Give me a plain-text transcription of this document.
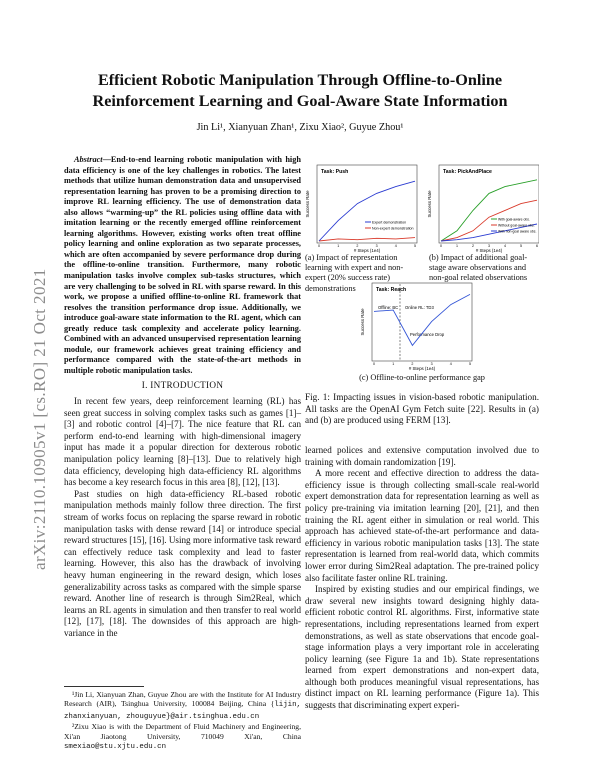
arXiv:2110.10905v1 [cs.RO] 21 Oct 2021
Efficient Robotic Manipulation Through Offline-to-Online
Reinforcement Learning and Goal-Aware State Information
Jin Li¹, Xianyuan Zhan¹, Zixu Xiao², Guyue Zhou¹

Abstract—End-to-end learning robotic manipulation with high data efficiency is one of the key challenges in robotics. The latest methods that utilize human demonstration data and unsupervised representation learning has proven to be a promising direction to improve RL learning efficiency. The use of demonstration data also allows “warming-up” the RL policies using offline data with imitation learning or the recently emerged offline reinforcement learning algorithms. However, existing works often treat offline policy learning and online exploration as two separate processes, which are often accompanied by severe performance drop during the offline-to-online transition. Furthermore, many robotic manipulation tasks involve complex sub-tasks structures, which are very challenging to be solved in RL with sparse reward. In this work, we propose a unified offline-to-online RL framework that resolves the transition performance drop issue. Additionally, we introduce goal-aware state information to the RL agent, which can greatly reduce task complexity and accelerate policy learning. Combined with an advanced unsupervised representation learning module, our framework achieves great training efficiency and performance compared with the state-of-the-art methods in multiple robotic manipulation tasks.

I. INTRODUCTION

In recent few years, deep reinforcement learning (RL) has seen great success in solving complex tasks such as games [1]–[3] and robotic control [4]–[7]. The nice feature that RL can perform end-to-end learning with high-dimensional imagery input has made it a popular direction for dexterous robotic manipulation policy learning [8]–[13]. Due to relatively high data efficiency, developing high data-efficiency RL algorithms has become a key research focus in this area [8], [12], [13].

Past studies on high data-efficiency RL-based robotic manipulation methods mainly follow three direction. The first stream of works focus on replacing the sparse reward in robotic manipulation tasks with dense reward [14] or introduce special reward structures [15], [16]. Using more informative task reward can effectively reduce task complexity and lead to faster learning. However, this also has the drawback of involving heavy human engineering in the reward design, which loses generalizability across tasks as compared with the simple sparse reward. Another line of research is through Sim2Real, which learns an RL agents in simulation and then transfer to real world [12], [17], [18]. The downsides of this approach are high-variance in the

¹Jin Li, Xianyuan Zhan, Guyue Zhou are with the Institute for AI Industry Research (AIR), Tsinghua University, 100084 Beijing, China {lijin, zhanxianyuan, zhouguyue}@air.tsinghua.edu.cn

²Zixu Xiao is with the Department of Fluid Machinery and Engineering, Xi'an Jiaotong University, 710049 Xi'an, China smexiao@stu.xjtu.edu.cn

Task: Push
Success Rate
# Steps (1e4)
0	1	2	3	4	5
Expert demonstration
Non-expert demonstration
Task: PickAndPlace
Success Rate
# Steps (1e4)
0	1	2	3	4	5	6
With goal-aware obs.
Without goal-aware obs.
With non-goal aware obs.
Task: Reach
Success Rate
# Steps (1e4)
Offline: BC Online RL: TD3
Performance Drop
0	1	2	3	4	5
(a) Impact of representation learning with expert and non-expert (20% success rate) demonstrations
(b) Impact of additional goal-stage aware observations and non-goal related observations
(c) Offline-to-online performance gap
Fig. 1: Impacting issues in vision-based robotic manipulation. All tasks are the OpenAI Gym Fetch suite [22]. Results in (a) and (b) are produced using FERM [13].

learned polices and extensive computation involved due to training with domain randomization [19].

A more recent and effective direction to address the data-efficiency issue is through collecting small-scale real-world expert demonstration data for representation learning as well as policy pre-training via imitation learning [20], [21], and then training the RL agent either in simulation or real world. This approach has achieved state-of-the-art performance and data-efficiency in various robotic manipulation tasks [13]. The state representation is learned from real-world data, which commits lower error during Sim2Real adaptation. The pre-trained policy also facilitate faster online RL training.

Inspired by existing studies and our empirical findings, we draw several new insights toward designing highly data-efficient robotic control RL algorithms. First, informative state representations, including representations learned from expert demonstrations, as well as state observations that encode goal-stage information plays a very important role in accelerating policy learning (see Figure 1a and 1b). State representations learned from expert demonstrations and non-expert data, although both produces meaningful visual representations, has distinct impact on RL learning performance (Figure 1a). This suggests that discriminating expert experi-
